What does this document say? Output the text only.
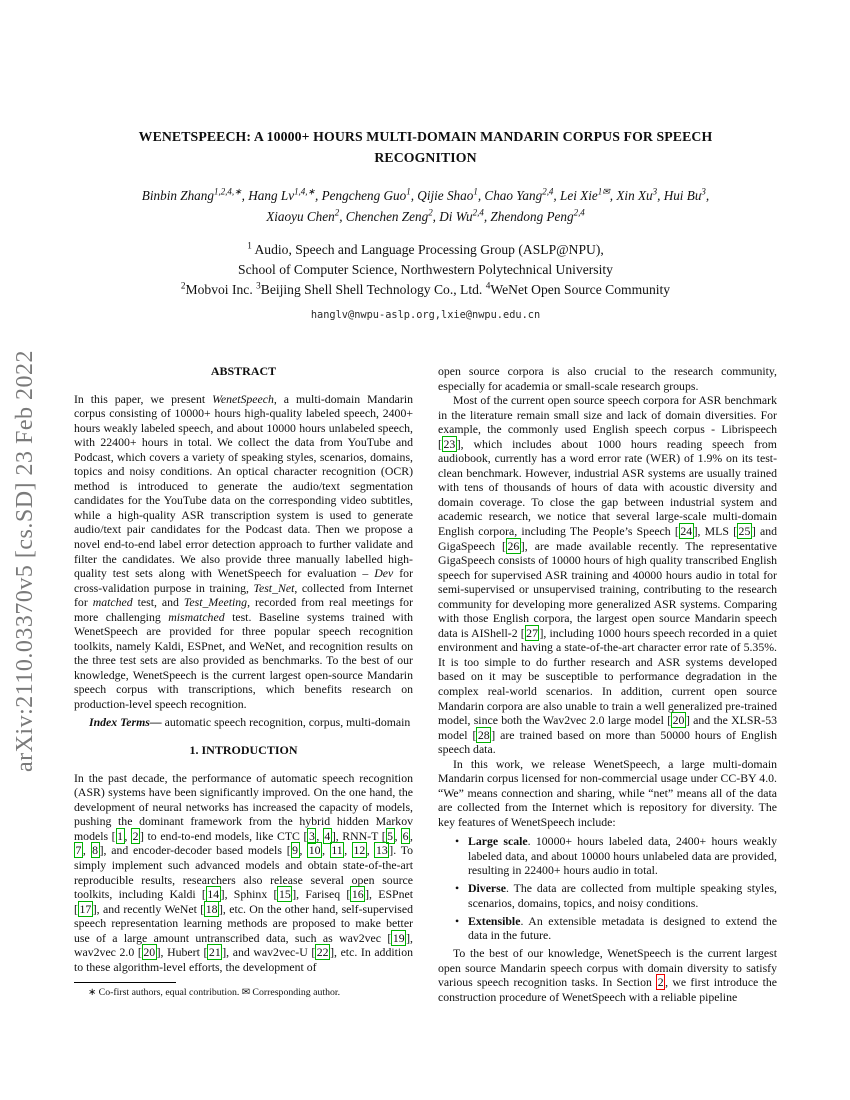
arXiv:2110.03370v5 [cs.SD] 23 Feb 2022
WENETSPEECH: A 10000+ HOURS MULTI-DOMAIN MANDARIN CORPUS FOR SPEECH
RECOGNITION
Binbin Zhang$^{1,2,4,∗}$, Hang $Lv^{1,4,∗}$, Pengcheng Guo$^1$, Qijie Shao$^1$, Chao Yang$^{2,4}$, Lei Xie$^{1✉}$, Xin Xu$^3$, Hui Bu$^3$,
Xiaoyu Chen$^2$, Chenchen Zeng$^2$, Di Wu$^{2,4}$, Zhendong Peng$^{2,4}$
$^1$ Audio, Speech and Language Processing Group (ASLP@NPU),
School of Computer Science, Northwestern Polytechnical University
$^2$Mobvoi Inc. $^3$Beijing Shell Shell Technology Co., Ltd. $^4$WeNet Open Source Community
hanglv@nwpu-aslp.org,lxie@nwpu.edu.cn
ABSTRACT

In this paper, we present WenetSpeech, a multi-domain Mandarin corpus consisting of 10000+ hours high-quality labeled speech, 2400+ hours weakly labeled speech, and about 10000 hours unlabeled speech, with 22400+ hours in total. We collect the data from YouTube and Podcast, which covers a variety of speaking styles, scenarios, domains, topics and noisy conditions. An optical character recognition (OCR) method is introduced to generate the audio/text segmentation candidates for the YouTube data on the corresponding video subtitles, while a high-quality ASR transcription system is used to generate audio/text pair candidates for the Podcast data. Then we propose a novel end-to-end label error detection approach to further validate and filter the candidates. We also provide three manually labelled high-quality test sets along with WenetSpeech for evaluation – Dev for cross-validation purpose in training, Test_Net, collected from Internet for matched test, and Test_Meeting, recorded from real meetings for more challenging mismatched test. Baseline systems trained with WenetSpeech are provided for three popular speech recognition toolkits, namely Kaldi, ESPnet, and WeNet, and recognition results on the three test sets are also provided as benchmarks. To the best of our knowledge, WenetSpeech is the current largest open-source Mandarin speech corpus with transcriptions, which benefits research on production-level speech recognition.

Index Terms— automatic speech recognition, corpus, multi-domain

1. INTRODUCTION

In the past decade, the performance of automatic speech recognition (ASR) systems have been significantly improved. On the one hand, the development of neural networks has increased the capacity of models, pushing the dominant framework from the hybrid hidden Markov models [ 1 , 2 ] to end-to-end models, like CTC [ 3 , 4 ], RNN-T [ 5 , 6 , 7 , 8 ], and encoder-decoder based models [ 9 , 10 , 11 , 12 , 13 ]. To simply implement such advanced models and obtain state-of-the-art reproducible results, researchers also release several open source toolkits, including Kaldi [ 14 ], Sphinx [ 15 ], Fariseq [ 16 ], ESPnet [ 17 ], and recently WeNet [ 18 ], etc. On the other hand, self-supervised speech representation learning methods are proposed to make better use of a large amount untranscribed data, such as wav2vec [ 19 ], wav2vec 2.0 [ 20 ], Hubert [ 21 ], and wav2vec-U [ 22 ], etc. In addition to these algorithm-level efforts, the development of

open source corpora is also crucial to the research community, especially for academia or small-scale research groups.

Most of the current open source speech corpora for ASR benchmark in the literature remain small size and lack of domain diversities. For example, the commonly used English speech corpus - Librispeech [ 23 ], which includes about 1000 hours reading speech from audiobook, currently has a word error rate (WER) of 1.9% on its test-clean benchmark. However, industrial ASR systems are usually trained with tens of thousands of hours of data with acoustic diversity and domain coverage. To close the gap between industrial system and academic research, we notice that several large-scale multi-domain English corpora, including The People’s Speech [ 24 ], MLS [ 25 ] and GigaSpeech [ 26 ], are made available recently. The representative GigaSpeech consists of 10000 hours of high quality transcribed English speech for supervised ASR training and 40000 hours audio in total for semi-supervised or unsupervised training, contributing to the research community for developing more generalized ASR systems. Comparing with those English corpora, the largest open source Mandarin speech data is AIShell-2 [ 27 ], including 1000 hours speech recorded in a quiet environment and having a state-of-the-art character error rate of 5.35%. It is too simple to do further research and ASR systems developed based on it may be susceptible to performance degradation in the complex real-world scenarios. In addition, current open source Mandarin corpora are also unable to train a well generalized pre-trained model, since both the Wav2vec 2.0 large model [ 20 ] and the XLSR-53 model [ 28 ] are trained based on more than 50000 hours of English speech data.

In this work, we release WenetSpeech, a large multi-domain Mandarin corpus licensed for non-commercial usage under CC-BY 4.0. “We” means connection and sharing, while “net” means all of the data are collected from the Internet which is repository for diversity. The key features of WenetSpeech include:

• Large scale. 10000+ hours labeled data, 2400+ hours weakly labeled data, and about 10000 hours unlabeled data are provided, resulting in 22400+ hours audio in total.
• Diverse. The data are collected from multiple speaking styles, scenarios, domains, topics, and noisy conditions.
• Extensible. An extensible metadata is designed to extend the data in the future.

To the best of our knowledge, WenetSpeech is the current largest open source Mandarin speech corpus with domain diversity to satisfy various speech recognition tasks. In Section 2 , we first introduce the construction procedure of WenetSpeech with a reliable pipeline

∗ Co-first authors, equal contribution. ✉ Corresponding author.
